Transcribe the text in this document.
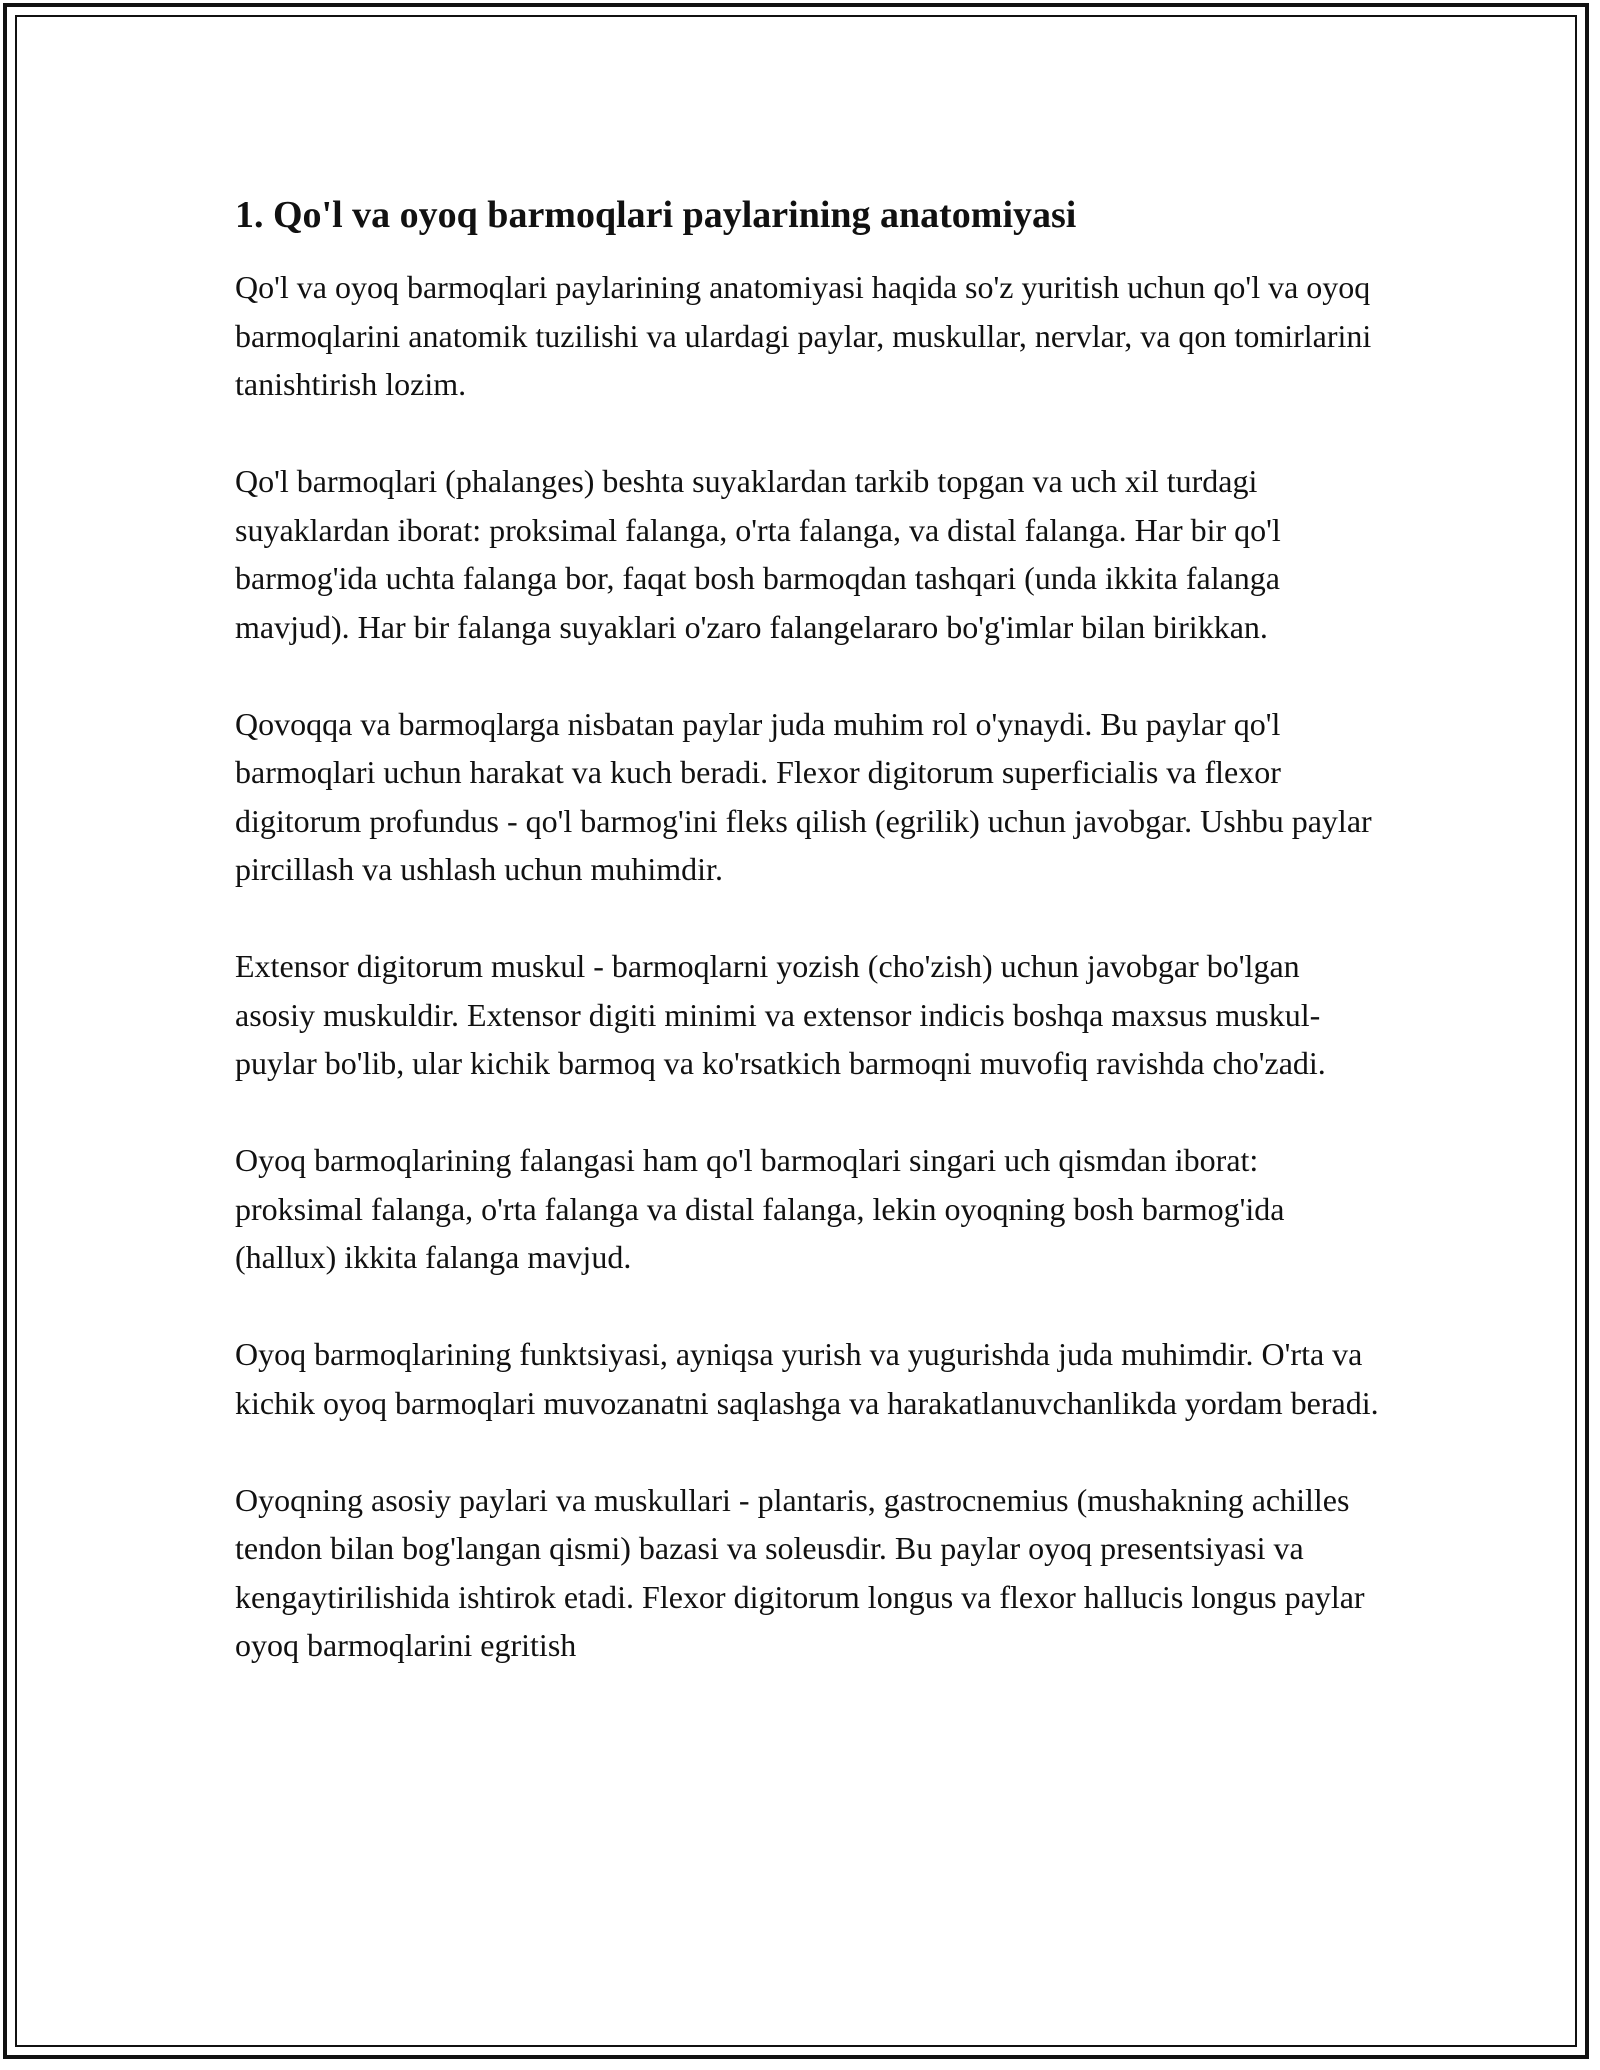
1. Qo'l va oyoq barmoqlari paylarining anatomiyasi

Qo'l va oyoq barmoqlari paylarining anatomiyasi haqida so'z yuritish uchun qo'l va oyoq barmoqlarini anatomik tuzilishi va ulardagi paylar, muskullar, nervlar, va qon tomirlarini tanishtirish lozim.

Qo'l barmoqlari (phalanges) beshta suyaklardan tarkib topgan va uch xil turdagi suyaklardan iborat: proksimal falanga, o'rta falanga, va distal falanga. Har bir qo'l barmog'ida uchta falanga bor, faqat bosh barmoqdan tashqari (unda ikkita falanga mavjud). Har bir falanga suyaklari o'zaro falangelararo bo'g'imlar bilan birikkan.

Qovoqqa va barmoqlarga nisbatan paylar juda muhim rol o'ynaydi. Bu paylar qo'l barmoqlari uchun harakat va kuch beradi. Flexor digitorum superficialis va flexor digitorum profundus - qo'l barmog'ini fleks qilish (egrilik) uchun javobgar. Ushbu paylar pircillash va ushlash uchun muhimdir.

Extensor digitorum muskul - barmoqlarni yozish (cho'zish) uchun javobgar bo'lgan asosiy muskuldir. Extensor digiti minimi va extensor indicis boshqa maxsus muskul-puylar bo'lib, ular kichik barmoq va ko'rsatkich barmoqni muvofiq ravishda cho'zadi.

Oyoq barmoqlarining falangasi ham qo'l barmoqlari singari uch qismdan iborat: proksimal falanga, o'rta falanga va distal falanga, lekin oyoqning bosh barmog'ida (hallux) ikkita falanga mavjud.

Oyoq barmoqlarining funktsiyasi, ayniqsa yurish va yugurishda juda muhimdir. O'rta va kichik oyoq barmoqlari muvozanatni saqlashga va harakatlanuvchanlikda yordam beradi.

Oyoqning asosiy paylari va muskullari - plantaris, gastrocnemius (mushakning achilles tendon bilan bog'langan qismi) bazasi va soleusdir. Bu paylar oyoq presentsiyasi va kengaytirilishida ishtirok etadi. Flexor digitorum longus va flexor hallucis longus paylar oyoq barmoqlarini egritish
